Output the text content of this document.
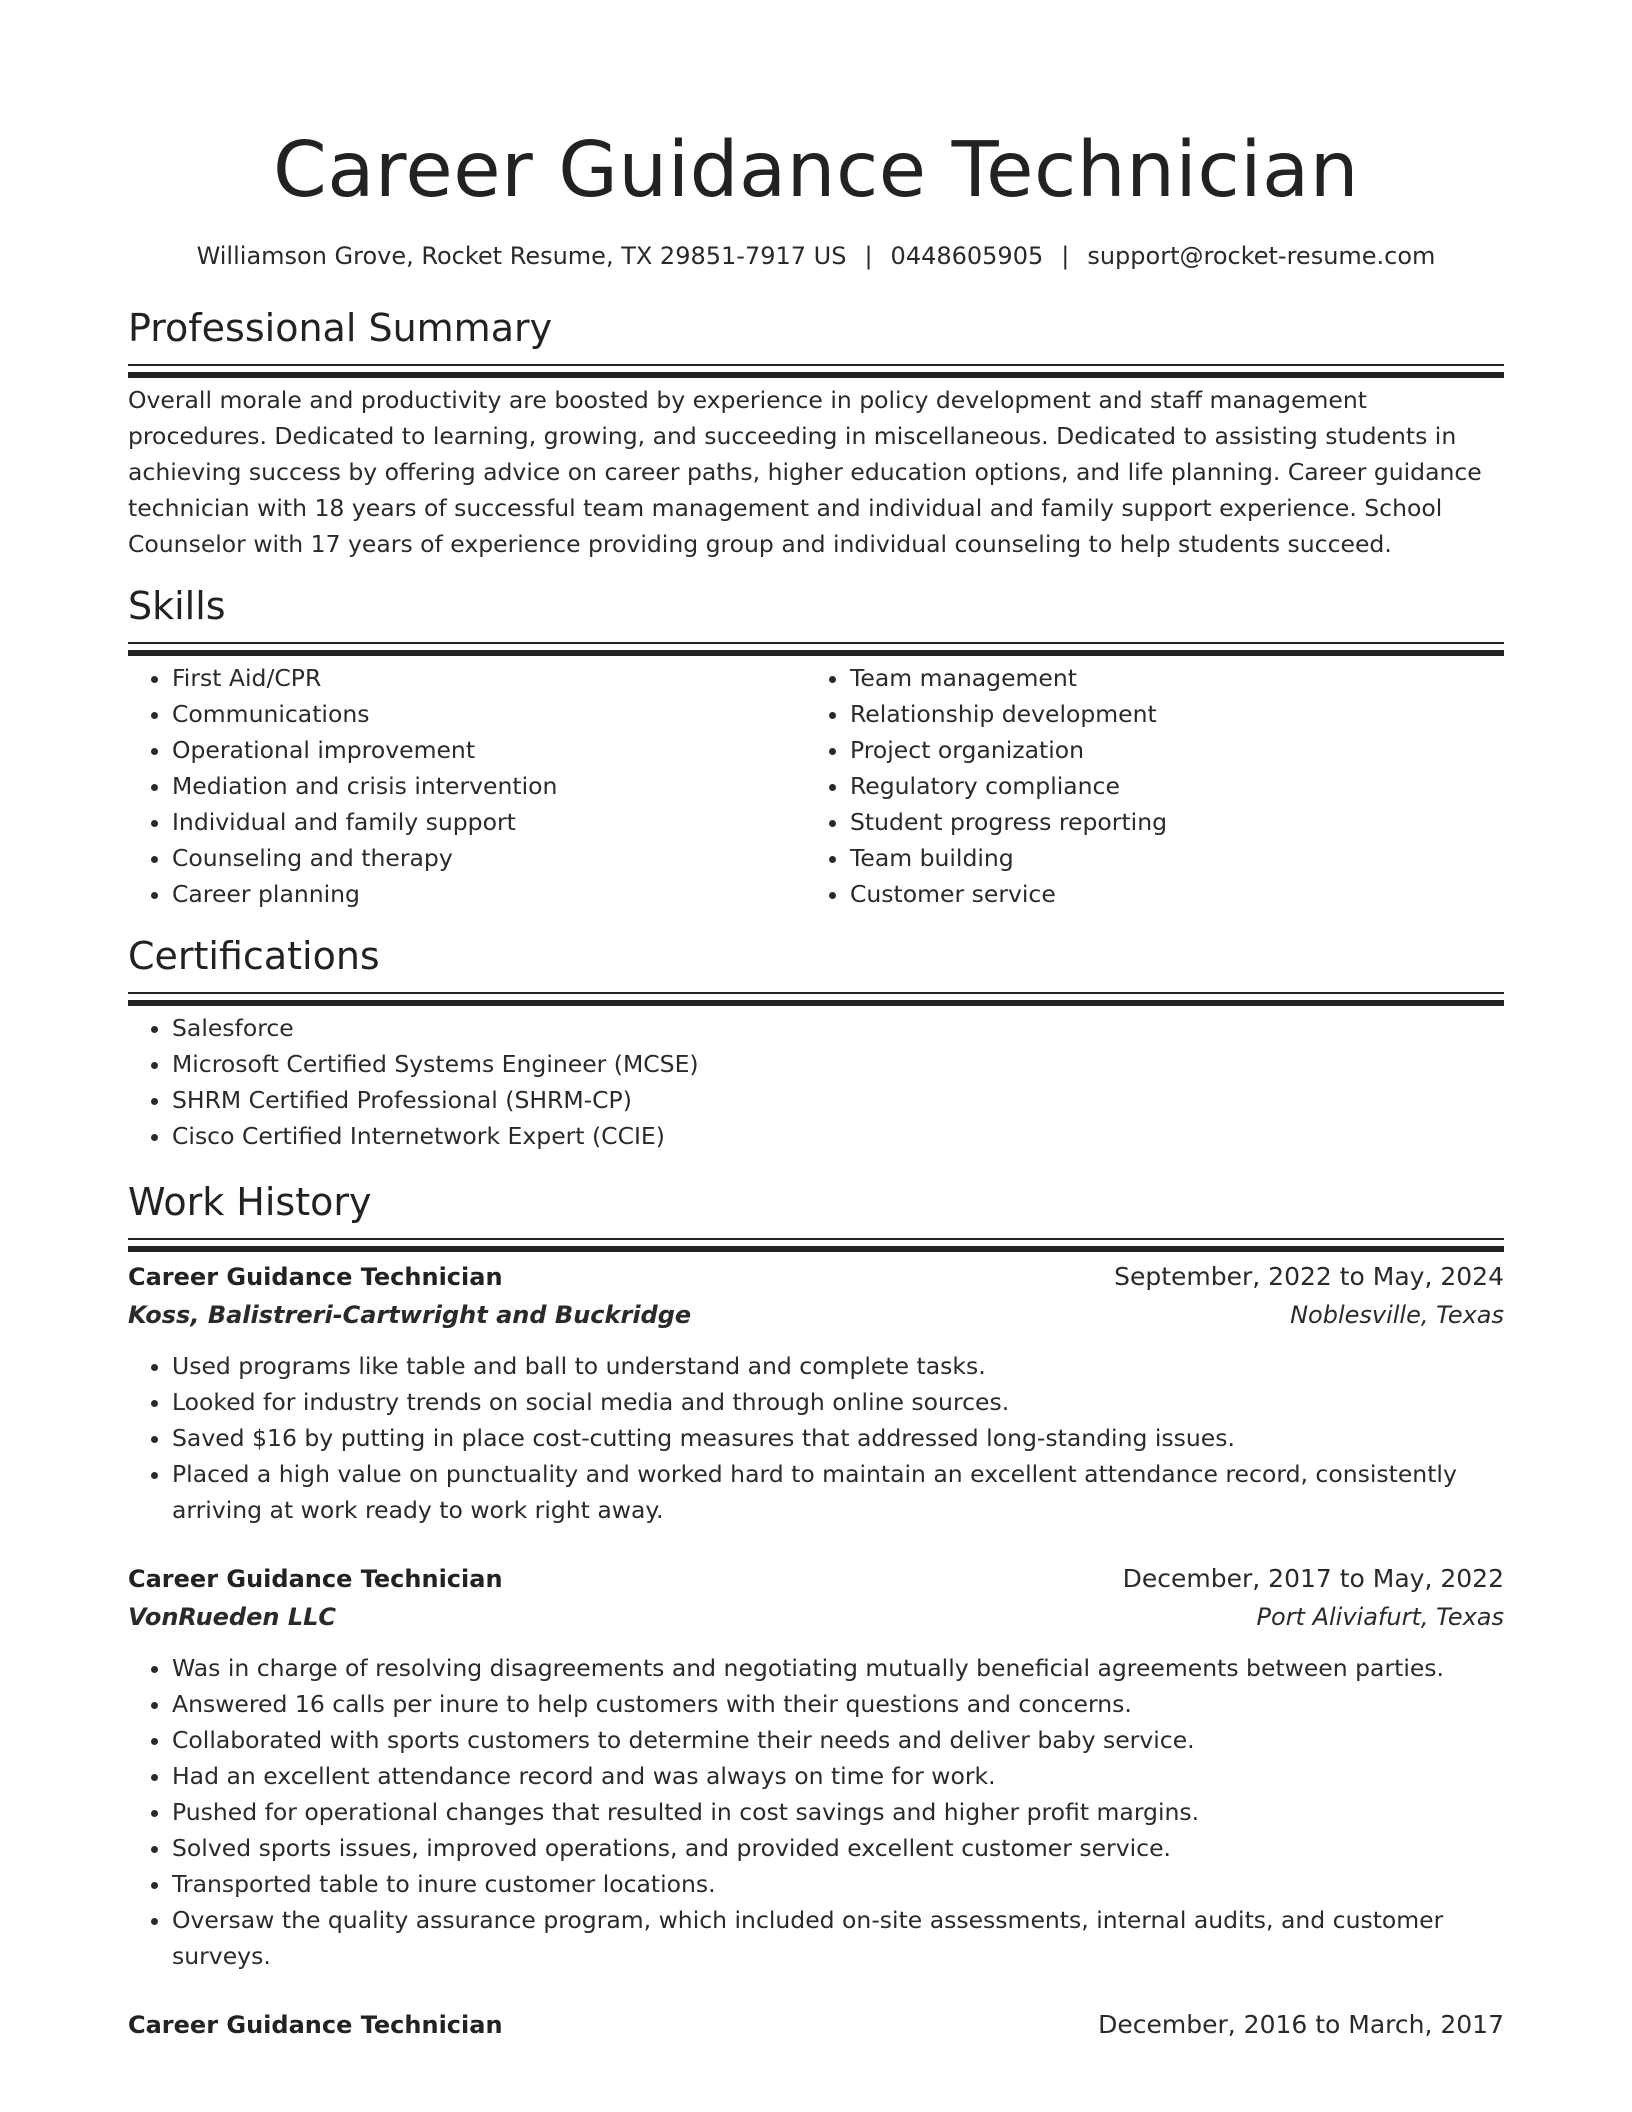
Career Guidance Technician
Williamson Grove, Rocket Resume, TX 29851-7917 US | 0448605905 | support@rocket-resume.com
Professional Summary

Overall morale and productivity are boosted by experience in policy development and staff management procedures. Dedicated to learning, growing, and succeeding in miscellaneous. Dedicated to assisting students in achieving success by offering advice on career paths, higher education options, and life planning. Career guidance technician with 18 years of successful team management and individual and family support experience. School Counselor with 17 years of experience providing group and individual counseling to help students succeed.

Skills
• First Aid/CPR
• Communications
• Operational improvement
• Mediation and crisis intervention
• Individual and family support
• Counseling and therapy
• Career planning
• Team management
• Relationship development
• Project organization
• Regulatory compliance
• Student progress reporting
• Team building
• Customer service
Certifications
• Salesforce
• Microsoft Certified Systems Engineer (MCSE)
• SHRM Certified Professional (SHRM-CP)
• Cisco Certified Internetwork Expert (CCIE)
Work History
Career Guidance Technician	September, 2022 to May, 2024
Koss, Balistreri-Cartwright and Buckridge	Noblesville, Texas
• Used programs like table and ball to understand and complete tasks.
• Looked for industry trends on social media and through online sources.
• Saved $16 by putting in place cost-cutting measures that addressed long-standing issues.
• Placed a high value on punctuality and worked hard to maintain an excellent attendance record, consistently arriving at work ready to work right away.
Career Guidance Technician	December, 2017 to May, 2022
VonRueden LLC	Port Aliviafurt, Texas
• Was in charge of resolving disagreements and negotiating mutually beneficial agreements between parties.
• Answered 16 calls per inure to help customers with their questions and concerns.
• Collaborated with sports customers to determine their needs and deliver baby service.
• Had an excellent attendance record and was always on time for work.
• Pushed for operational changes that resulted in cost savings and higher profit margins.
• Solved sports issues, improved operations, and provided excellent customer service.
• Transported table to inure customer locations.
• Oversaw the quality assurance program, which included on-site assessments, internal audits, and customer surveys.
Career Guidance Technician	December, 2016 to March, 2017
